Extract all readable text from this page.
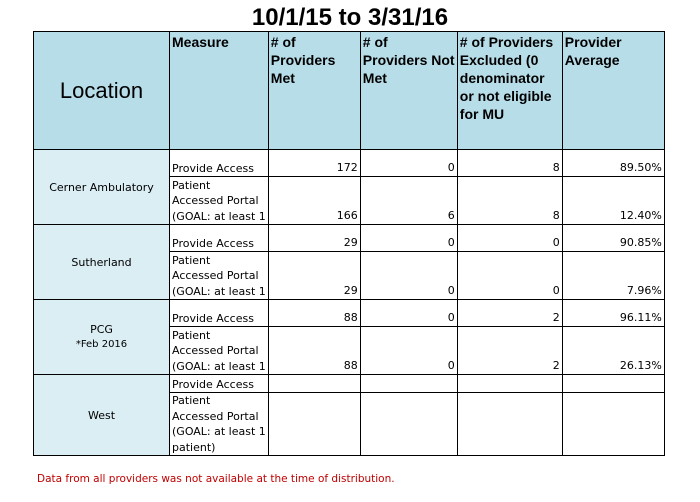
10/1/15 to 3/31/16
Location	Measure	# of Providers Met	# of Providers Not Met	# of Providers Excluded (0 denominator or not eligible for MU	Provider Average

Cerner Ambulatory	Provide Access	172	0	8	89.50%

	Patient
Accessed Portal
(GOAL: at least 1	166	6	8	12.40%

Sutherland	Provide Access	29	0	0	90.85%

	Patient
Accessed Portal
(GOAL: at least 1	29	0	0	7.96%

PCG
*Feb 2016	Provide Access	88	0	2	96.11%

	Patient
Accessed Portal
(GOAL: at least 1	88	0	2	26.13%

West	Provide Access				

	Patient
Accessed Portal
(GOAL: at least 1
patient)				

Data from all providers was not available at the time of distribution.
